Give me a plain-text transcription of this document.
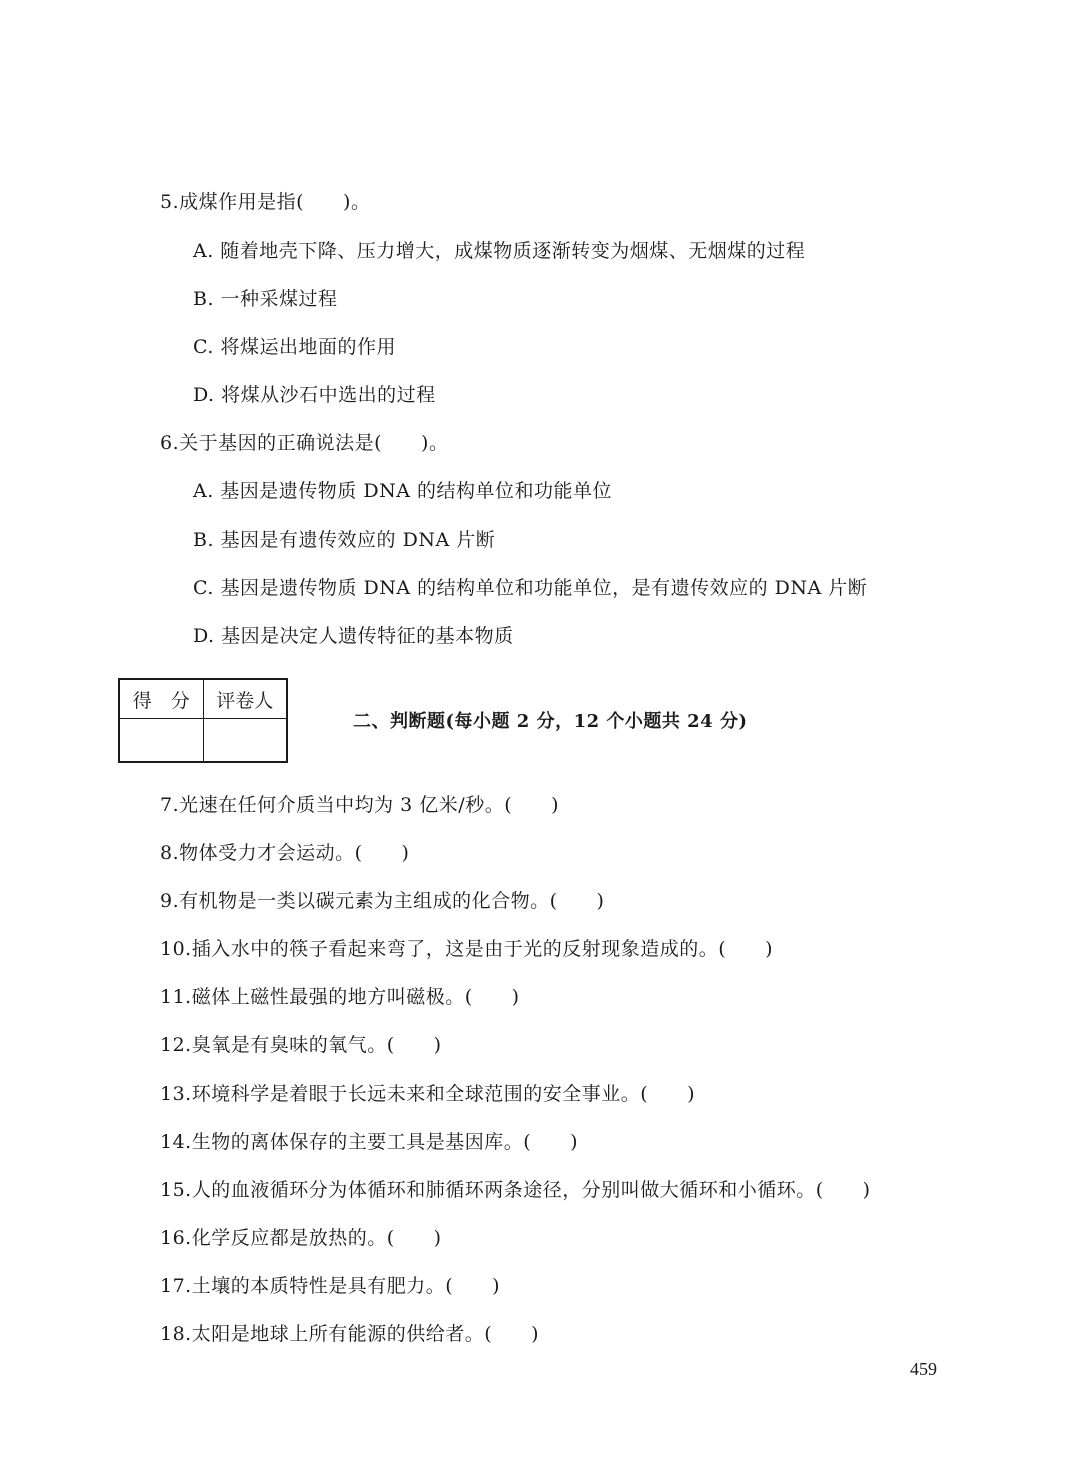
5.成煤作用是指(　　)。
A. 随着地壳下降、压力增大，成煤物质逐渐转变为烟煤、无烟煤的过程
B. 一种采煤过程
C. 将煤运出地面的作用
D. 将煤从沙石中选出的过程
6.关于基因的正确说法是(　　)。
A. 基因是遗传物质 DNA 的结构单位和功能单位
B. 基因是有遗传效应的 DNA 片断
C. 基因是遗传物质 DNA 的结构单位和功能单位，是有遗传效应的 DNA 片断
D. 基因是决定人遗传特征的基本物质
得　分	评卷人

二、判断题(每小题 2 分，12 个小题共 24 分)
7.光速在任何介质当中均为 3 亿米/秒。(　　)
8.物体受力才会运动。(　　)
9.有机物是一类以碳元素为主组成的化合物。(　　)
10.插入水中的筷子看起来弯了，这是由于光的反射现象造成的。(　　)
11.磁体上磁性最强的地方叫磁极。(　　)
12.臭氧是有臭味的氧气。(　　)
13.环境科学是着眼于长远未来和全球范围的安全事业。(　　)
14.生物的离体保存的主要工具是基因库。(　　)
15.人的血液循环分为体循环和肺循环两条途径，分别叫做大循环和小循环。(　　)
16.化学反应都是放热的。(　　)
17.土壤的本质特性是具有肥力。(　　)
18.太阳是地球上所有能源的供给者。(　　)
459
